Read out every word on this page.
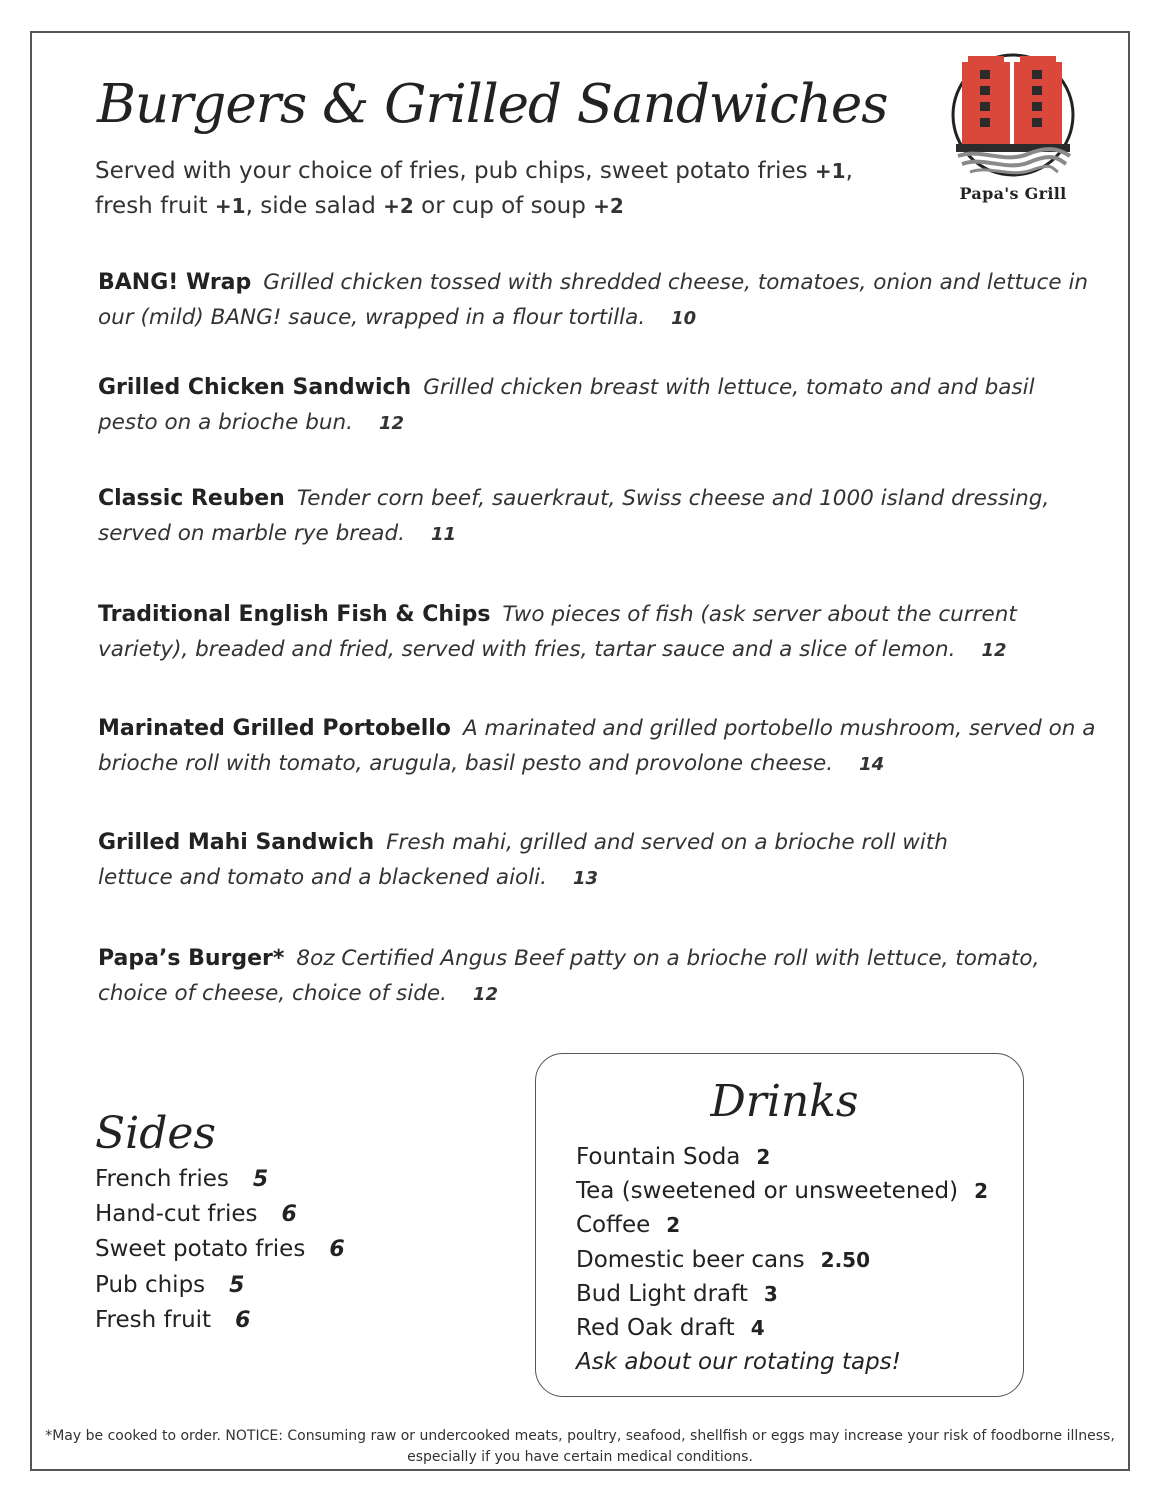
Burgers & Grilled Sandwiches

Served with your choice of fries, pub chips, sweet potato fries +1, fresh fruit +1, side salad +2 or cup of soup +2

Papa's Grill

BANG! Wrap Grilled chicken tossed with shredded cheese, tomatoes, onion and lettuce in our (mild) BANG! sauce, wrapped in a flour tortilla. 10

Grilled Chicken Sandwich Grilled chicken breast with lettuce, tomato and and basil pesto on a brioche bun. 12

Classic Reuben Tender corn beef, sauerkraut, Swiss cheese and 1000 island dressing, served on marble rye bread. 11

Traditional English Fish & Chips Two pieces of fish (ask server about the current variety), breaded and fried, served with fries, tartar sauce and a slice of lemon. 12

Marinated Grilled Portobello A marinated and grilled portobello mushroom, served on a brioche roll with tomato, arugula, basil pesto and provolone cheese. 14

Grilled Mahi Sandwich Fresh mahi, grilled and served on a brioche roll with lettuce and tomato and a blackened aioli. 13

Papa’s Burger* 8oz Certified Angus Beef patty on a brioche roll with lettuce, tomato, choice of cheese, choice of side. 12

Sides
French fries 5
Hand-cut fries 6
Sweet potato fries 6
Pub chips 5
Fresh fruit 6
Drinks
Fountain Soda 2
Tea (sweetened or unsweetened) 2
Coffee 2
Domestic beer cans 2.50
Bud Light draft 3
Red Oak draft 4

Ask about our rotating taps!

*May be cooked to order. NOTICE: Consuming raw or undercooked meats, poultry, seafood, shellfish or eggs may increase your risk of foodborne illness,
especially if you have certain medical conditions.
